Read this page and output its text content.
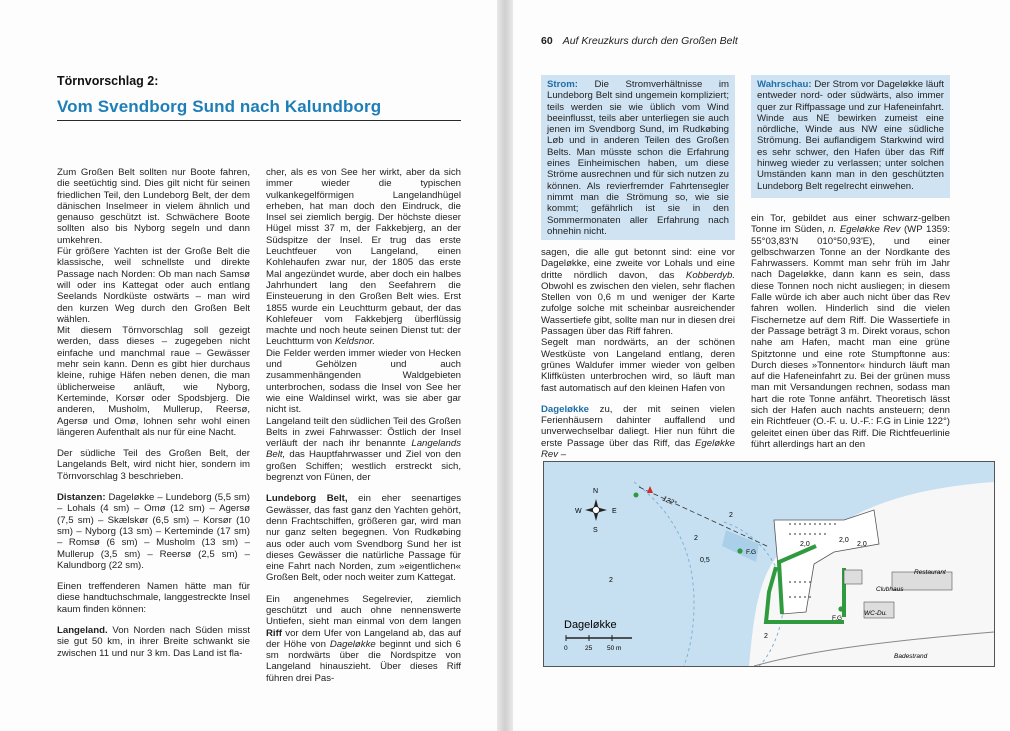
Törnvorschlag 2:
Vom Svendborg Sund nach Kalundborg

Zum Großen Belt sollten nur Boote fahren, die seetüchtig sind. Dies gilt nicht für seinen friedlichen Teil, den Lundeborg Belt, der dem dänischen Inselmeer in vielem ähnlich und genauso geschützt ist. Schwächere Boote sollten also bis Nyborg segeln und dann umkehren.

Für größere Yachten ist der Große Belt die klassische, weil schnellste und direkte Passage nach Norden: Ob man nach Samsø will oder ins Kattegat oder auch entlang Seelands Nordküste ostwärts – man wird den kurzen Weg durch den Großen Belt wählen.

Mit diesem Törnvorschlag soll gezeigt werden, dass dieses – zugegeben nicht einfache und manchmal raue – Gewässer mehr sein kann. Denn es gibt hier durchaus kleine, ruhige Häfen neben denen, die man üblicherweise anläuft, wie Nyborg, Kerteminde, Korsør oder Spodsbjerg. Die anderen, Musholm, Mullerup, Reersø, Agersø und Omø, lohnen sehr wohl einen längeren Aufenthalt als nur für eine Nacht.

Der südliche Teil des Großen Belt, der Langelands Belt, wird nicht hier, sondern im Törnvorschlag 3 beschrieben.

Distanzen: Dageløkke – Lundeborg (5,5 sm) – Lohals (4 sm) – Omø (12 sm) – Agersø (7,5 sm) – Skælskør (6,5 sm) – Korsør (10 sm) – Nyborg (13 sm) – Kerteminde (17 sm) – Romsø (6 sm) – Musholm (13 sm) – Mullerup (3,5 sm) – Reersø (2,5 sm) – Kalundborg (22 sm).

Einen treffenderen Namen hätte man für diese handtuchschmale, langgestreckte Insel kaum finden können:

Langeland. Von Norden nach Süden misst sie gut 50 km, in ihrer Breite schwankt sie zwischen 11 und nur 3 km. Das Land ist fla-

cher, als es von See her wirkt, aber da sich immer wieder die typischen vulkankegelförmigen Langelandhügel erheben, hat man doch den Eindruck, die Insel sei ziemlich bergig. Der höchste dieser Hügel misst 37 m, der Fakkebjerg, an der Südspitze der Insel. Er trug das erste Leuchtfeuer von Langeland, einen Kohlehaufen zwar nur, der 1805 das erste Mal angezündet wurde, aber doch ein halbes Jahrhundert lang den Seefahrern die Einsteuerung in den Großen Belt wies. Erst 1855 wurde ein Leuchtturm gebaut, der das Kohlefeuer vom Fakkebjerg überflüssig machte und noch heute seinen Dienst tut: der Leuchtturm von Keldsnor.

Die Felder werden immer wieder von Hecken und Gehölzen und auch zusammenhängenden Waldgebieten unterbrochen, sodass die Insel von See her wie eine Waldinsel wirkt, was sie aber gar nicht ist.

Langeland teilt den südlichen Teil des Großen Belts in zwei Fahrwasser: Östlich der Insel verläuft der nach ihr benannte Langelands Belt, das Hauptfahrwasser und Ziel von den großen Schiffen; westlich erstreckt sich, begrenzt von Fünen, der

Lundeborg Belt, ein eher seenartiges Gewässer, das fast ganz den Yachten gehört, denn Frachtschiffen, größeren gar, wird man nur ganz selten begegnen. Von Rudkøbing aus oder auch vom Svendborg Sund her ist dieses Gewässer die natürliche Passage für eine Fahrt nach Norden, zum »eigentlichen« Großen Belt, oder noch weiter zum Kattegat.

Ein angenehmes Segelrevier, ziemlich geschützt und auch ohne nennenswerte Untiefen, sieht man einmal von dem langen Riff vor dem Ufer von Langeland ab, das auf der Höhe von Dageløkke beginnt und sich 6 sm nordwärts über die Nordspitze von Langeland hinauszieht. Über dieses Riff führen drei Pas-

60 Auf Kreuzkurs durch den Großen Belt
Strom: Die Stromverhältnisse im Lundeborg Belt sind ungemein kompliziert; teils werden sie wie üblich vom Wind beeinflusst, teils aber unterliegen sie auch jenen im Svendborg Sund, im Rudkøbing Løb und in anderen Teilen des Großen Belts. Man müsste schon die Erfahrung eines Einheimischen haben, um diese Ströme ausrechnen und für sich nutzen zu können. Als revierfremder Fahrtensegler nimmt man die Strömung so, wie sie kommt; gefährlich ist sie in den Sommermonaten aller Erfahrung nach ohnehin nicht.
Wahrschau: Der Strom vor Dageløkke läuft entweder nord- oder südwärts, also immer quer zur Riffpassage und zur Hafeneinfahrt. Winde aus NE bewirken zumeist eine nördliche, Winde aus NW eine südliche Strömung. Bei auflandigem Starkwind wird es sehr schwer, den Hafen über das Riff hinweg wieder zu verlassen; unter solchen Umständen kann man in den geschützten Lundeborg Belt regelrecht einwehen.

sagen, die alle gut betonnt sind: eine vor Dageløkke, eine zweite vor Lohals und eine dritte nördlich davon, das Kobberdyb. Obwohl es zwischen den vielen, sehr flachen Stellen von 0,6 m und weniger der Karte zufolge solche mit scheinbar ausreichender Wassertiefe gibt, sollte man nur in diesen drei Passagen über das Riff fahren.

Segelt man nordwärts, an der schönen Westküste von Langeland entlang, deren grünes Waldufer immer wieder von gelben Kliffküsten unterbrochen wird, so läuft man fast automatisch auf den kleinen Hafen von

Dageløkke zu, der mit seinen vielen Ferienhäusern dahinter auffallend und unverwechselbar daliegt. Hier nun führt die erste Passage über das Riff, das Egeløkke Rev –

ein Tor, gebildet aus einer schwarz-gelben Tonne im Süden, n. Egeløkke Rev (WP 1359: 55°03,83'N 010°50,93'E), und einer gelbschwarzen Tonne an der Nordkante des Fahrwassers. Kommt man sehr früh im Jahr nach Dageløkke, dann kann es sein, dass diese Tonnen noch nicht ausliegen; in diesem Falle würde ich aber auch nicht über das Rev fahren wollen. Hinderlich sind die vielen Fischernetze auf dem Riff. Die Wassertiefe in der Passage beträgt 3 m. Direkt voraus, schon nahe am Hafen, macht man eine grüne Spitztonne und eine rote Stumpftonne aus: Durch dieses »Tonnentor« hindurch läuft man auf die Hafeneinfahrt zu. Bei der grünen muss man mit Versandungen rechnen, sodass man hart die rote Tonne anfährt. Theoretisch lässt sich der Hafen auch nachts ansteuern; denn ein Richtfeuer (O.-F. u. U.-F.: F.G in Linie 122°) geleitet einen über das Riff. Die Richtfeuerlinie führt allerdings hart an den

N
S
E
W
122°
2
2
2
0,5
2
2,0
2,0
2,0
F.G
F.G
Restaurant
Clubhaus
WC-Du.
Badestrand
Dageløkke
0	25 50 m
